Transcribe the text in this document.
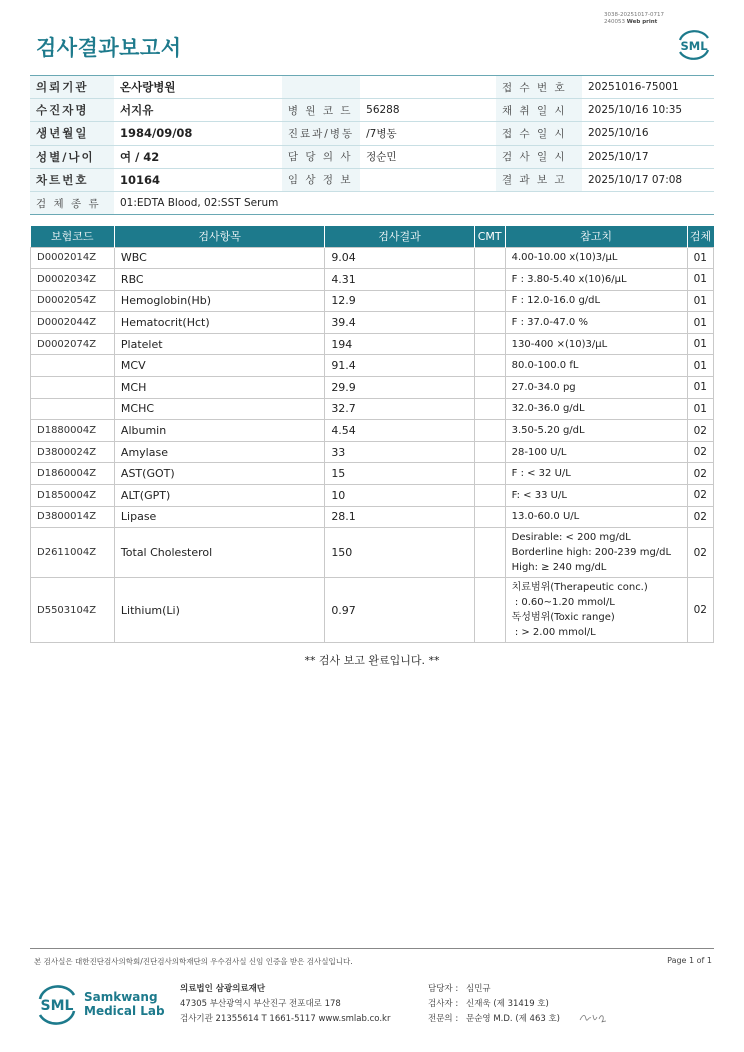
3038-20251017-0717
240053 Web print
검사결과보고서	SML
의뢰기관	온사랑병원			접 수 번 호	20251016-75001
수진자명	서지유	병 원 코 드	56288	채 취 일 시	2025/10/16 10:35
생년월일	1984/09/08	진료과/병동	/7병동	접 수 일 시	2025/10/16
성별/나이	여 / 42	담 당 의 사	정순민	검 사 일 시	2025/10/17
차트번호	10164	임 상 정 보		결 과 보 고	2025/10/17 07:08
검 체 종 류	01:EDTA Blood, 02:SST Serum				
보험코드	검사항목	검사결과	CMT	참고치	검체
D0002014Z	WBC	9.04		4.00-10.00 x(10)3/μL	01
D0002034Z	RBC	4.31		F : 3.80-5.40 x(10)6/μL	01
D0002054Z	Hemoglobin(Hb)	12.9		F : 12.0-16.0 g/dL	01
D0002044Z	Hematocrit(Hct)	39.4		F : 37.0-47.0 %	01
D0002074Z	Platelet	194		130-400 ×(10)3/μL	01
	MCV	91.4		80.0-100.0 fL	01
	MCH	29.9		27.0-34.0 pg	01
	MCHC	32.7		32.0-36.0 g/dL	01
D1880004Z	Albumin	4.54		3.50-5.20 g/dL	02
D3800024Z	Amylase	33		28-100 U/L	02
D1860004Z	AST(GOT)	15		F : < 32 U/L	02
D1850004Z	ALT(GPT)	10		F: < 33 U/L	02
D3800014Z	Lipase	28.1		13.0-60.0 U/L	02
D2611004Z	Total Cholesterol	150		Desirable: < 200 mg/dL
Borderline high: 200-239 mg/dL
High: ≥ 240 mg/dL	02
D5503104Z	Lithium(Li)	0.97		치료범위(Therapeutic conc.)
: 0.60~1.20 mmol/L
독성범위(Toxic range)
: > 2.00 mmol/L	02
** 검사 보고 완료입니다. **
본 검사실은 대한진단검사의학회/진단검사의학재단의 우수검사실 신임 인증을 받은 검사실입니다.	Page 1 of 1
SML
Samkwang
Medical Lab
의료법인 삼광의료재단
47305 부산광역시 부산진구 전포대로 178
검사기관 21355614 T 1661-5117 www.smlab.co.kr
담당자 : 심민규
검사자 : 신재욱 (제 31419 호)
전문의 : 문순영 M.D. (제 463 호)
